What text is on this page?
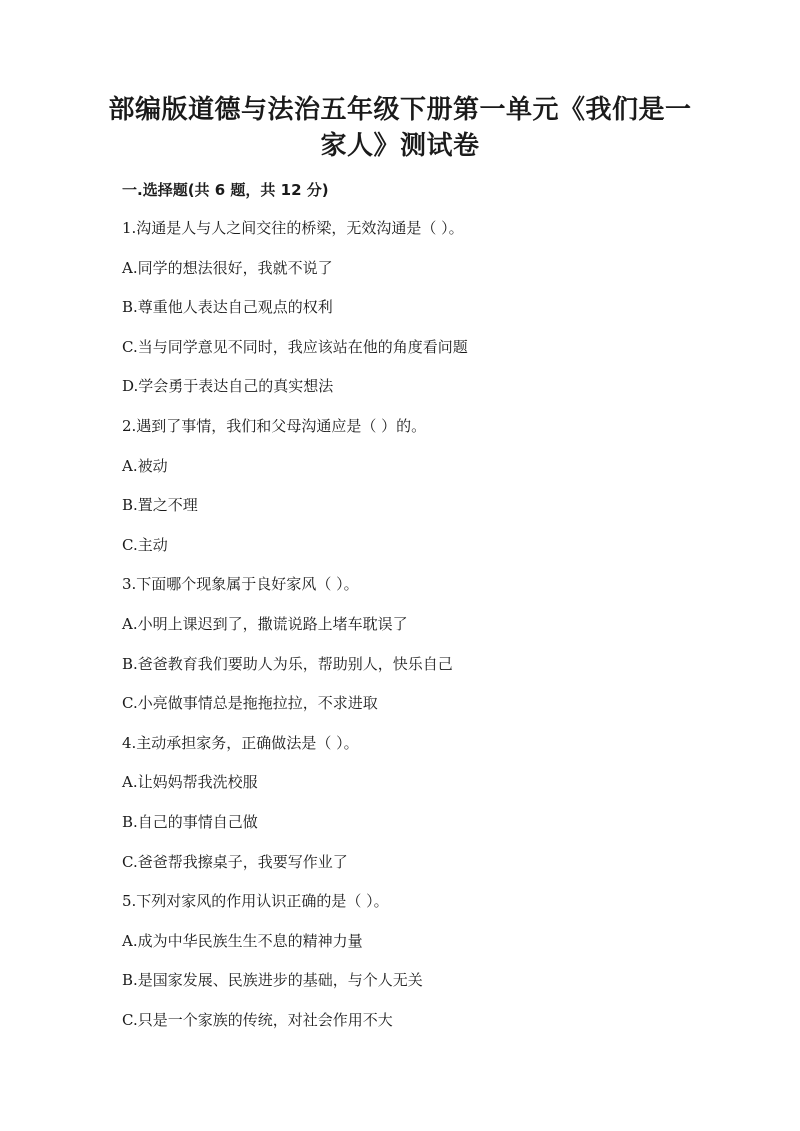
部编版道德与法治五年级下册第一单元《我们是一
家人》测试卷
一.选择题(共 6 题，共 12 分)
1.沟通是人与人之间交往的桥梁，无效沟通是（ ）。
A.同学的想法很好，我就不说了
B.尊重他人表达自己观点的权利
C.当与同学意见不同时，我应该站在他的角度看问题
D.学会勇于表达自己的真实想法
2.遇到了事情，我们和父母沟通应是（ ）的。
A.被动
B.置之不理
C.主动
3.下面哪个现象属于良好家风（ ）。
A.小明上课迟到了，撒谎说路上堵车耽误了
B.爸爸教育我们要助人为乐，帮助别人，快乐自己
C.小亮做事情总是拖拖拉拉，不求进取
4.主动承担家务，正确做法是（ ）。
A.让妈妈帮我洗校服
B.自己的事情自己做
C.爸爸帮我擦桌子，我要写作业了
5.下列对家风的作用认识正确的是（ ）。
A.成为中华民族生生不息的精神力量
B.是国家发展、民族进步的基础，与个人无关
C.只是一个家族的传统，对社会作用不大
